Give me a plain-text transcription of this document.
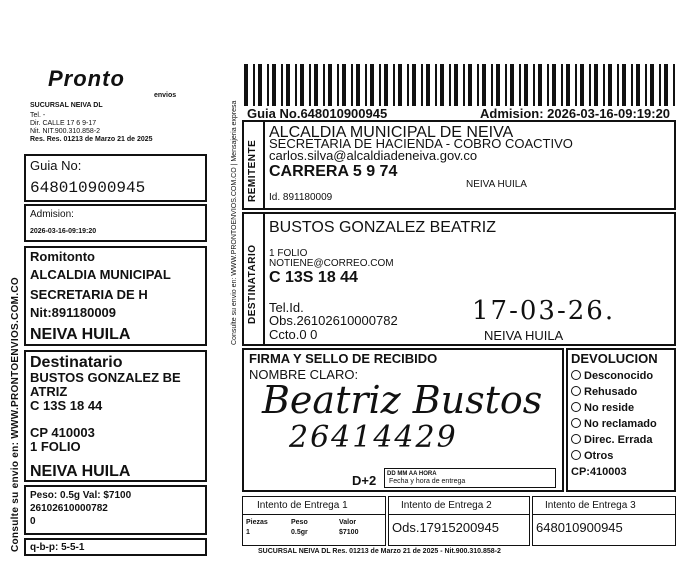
Consulte su envio en: WWW.PRONTOENVIOS.COM.CO
Pronto
envios
SUCURSAL NEIVA DL
Tel. -
Dir. CALLE 17 6 9-17
Nit. NIT.900.310.858-2
Res. Res. 01213 de Marzo 21 de 2025
Guia No:
648010900945
Admision:
2026-03-16-09:19:20
Romitonto
ALCALDIA MUNICIPAL
SECRETARIA DE H
Nit:891180009
NEIVA HUILA
Destinatario
BUSTOS GONZALEZ BE
ATRIZ
C 13S 18 44
CP 410003
1 FOLIO
NEIVA HUILA
Peso: 0.5g Val: $7100
26102610000782
0
q-b-p: 5-5-1
Guia No.648010900945	Admision: 2026-03-16-09:19:20
REMITENTE
ALCALDIA MUNICIPAL DE NEIVA
SECRETARIA DE HACIENDA - COBRO COACTIVO
carlos.silva@alcaldiadeneiva.gov.co
CARRERA 5 9 74
NEIVA HUILA
Id. 891180009
DESTINATARIO
BUSTOS GONZALEZ BEATRIZ
1 FOLIO
NOTIENE@CORREO.COM
C 13S 18 44
Tel.Id.
Obs.26102610000782
Ccto.0 0	NEIVA HUILA
17-03-26.
Consulte su envio en: WWW.PRONTOENVIOS.COM.CO | Mensajeria expresa
FIRMA Y SELLO DE RECIBIDO
NOMBRE CLARO:
Beatriz Bustos
26414429
D+2 DD MM AA HORA
Fecha y hora de entrega
DEVOLUCION
Desconocido
Rehusado
No reside
No reclamado
Direc. Errada
Otros
CP:410003
Intento de Entrega 1
Piezas
1
Peso
0.5gr
Valor
$7100
Intento de Entrega 2
Ods.17915200945
Intento de Entrega 3
648010900945
SUCURSAL NEIVA DL Res. 01213 de Marzo 21 de 2025 - Nit.900.310.858-2
